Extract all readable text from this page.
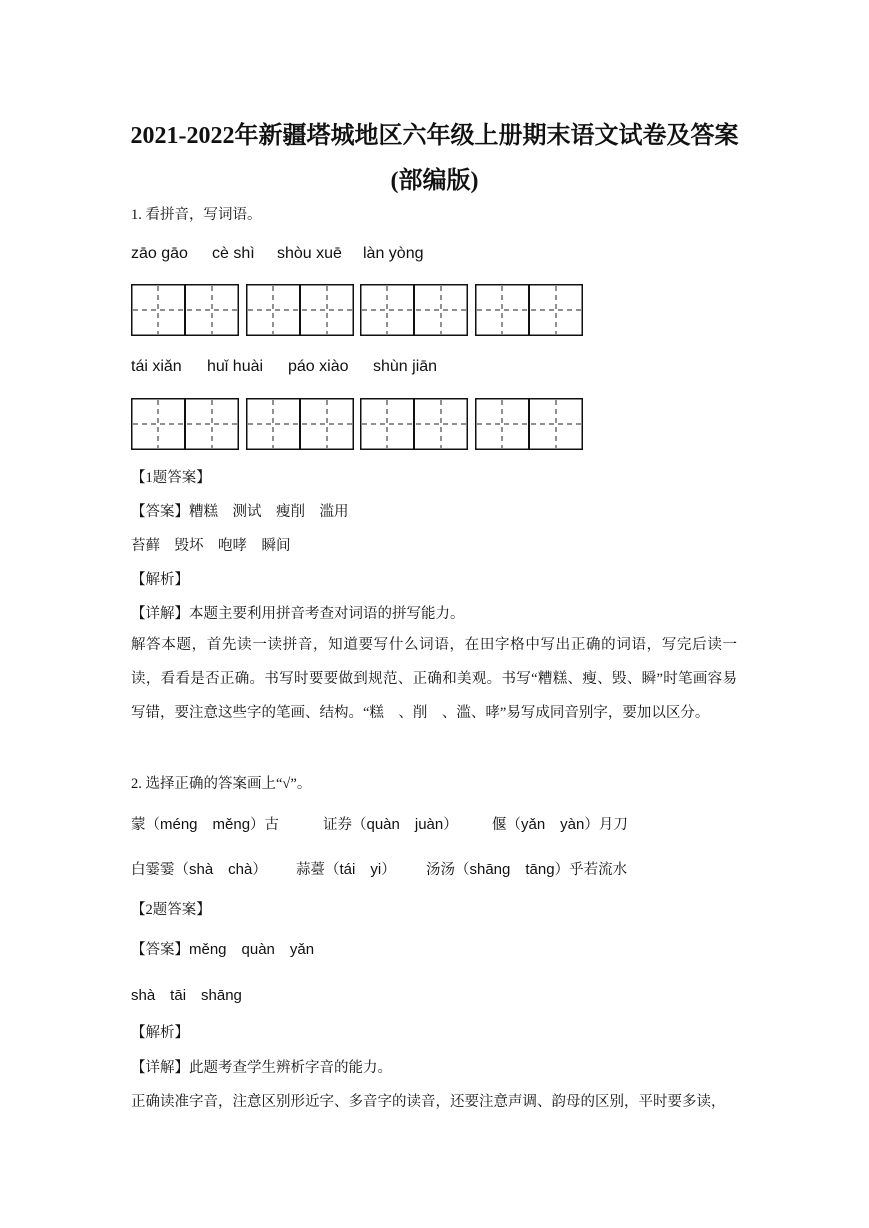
2021-2022年新疆塔城地区六年级上册期末语文试卷及答案
(部编版)
1. 看拼音，写词语。
zāo gāo cè shì shòu xuē làn yòng
tái xiǎn huǐ huài páo xiào shùn jiān
【1题答案】
【答案】糟糕　测试　瘦削　滥用
苔藓　毁坏　咆哮　瞬间
【解析】
【详解】本题主要利用拼音考查对词语的拼写能力。
解答本题，首先读一读拼音，知道要写什么词语，在田字格中写出正确的词语，写完后读一读，看看是否正确。书写时要要做到规范、正确和美观。书写“糟糕、瘦、毁、瞬”时笔画容易写错，要注意这些字的笔画、结构。“糕　、削　、滥、哮”易写成同音别字，要加以区分。
2. 选择正确的答案画上“√”。
蒙（méng　měng）古	证券（quàn　juàn） 偃（yǎn　yàn）月刀
白霎霎（shà　chà） 蒜薹（tái　yi） 汤汤（shāng　tāng）乎若流水
【2题答案】
【答案】měng　quàn　yǎn
shà　tāi　shāng
【解析】
【详解】此题考查学生辨析字音的能力。
正确读准字音，注意区别形近字、多音字的读音，还要注意声调、韵母的区别，平时要多读，
